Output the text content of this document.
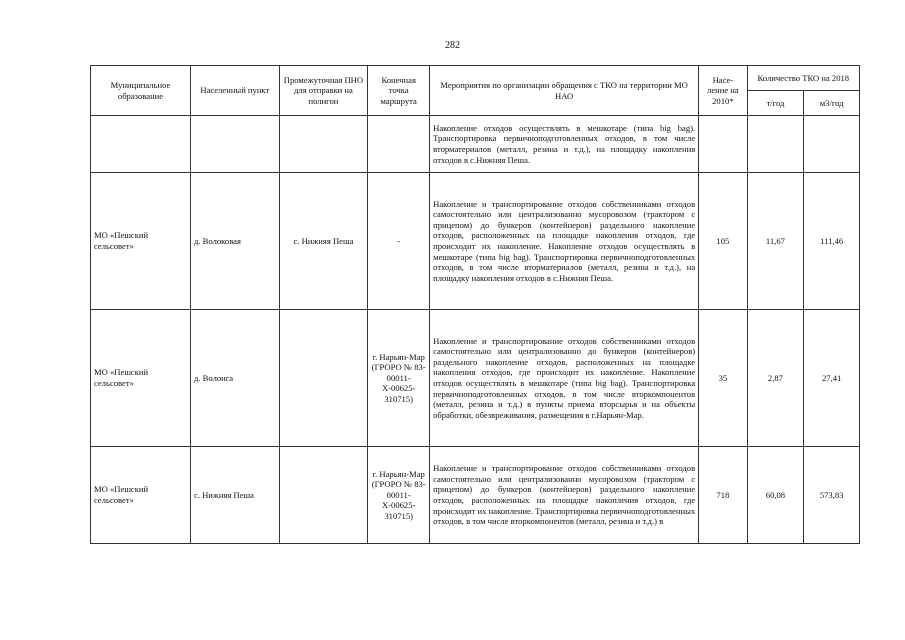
282
Муниципальное образование	Населенный пункт	Промежуточная ПНО для отправки на полигон	Конечная точка маршрута	Мероприятия по организации обращения с ТКО на территории МО НАО	Насе-ление на 2010*	Количество ТКО на 2018	
						т/год	м3/год
				Накопление отходов осуществлять в мешкотаре (типа big bag). Транспортировка первичноподготовленных отходов, в том числе вторматериалов (металл, резина и т.д.), на площадку накопления отходов в с.Нижняя Пеша.			
МО «Пешский сельсовет»	д. Волоковая	с. Нижняя Пеша	-	Накопление и транспортирование отходов собственниками отходов самостоятельно или централизованно мусоровозом (трактором с прицепом) до бункеров (контейнеров) раздельного накопление отходов, расположенных на площадке накопления отходов, где происходит их накопление. Накопление отходов осуществлять в мешкотаре (типа big bag). Транспортировка первичноподготовленных отходов, в том числе вторматериалов (металл, резина и т.д.), на площадку накопления отходов в с.Нижняя Пеша.	105	11,67	111,46
МО «Пешский сельсовет»	д. Волонга		г. Нарьян-Мар (ГРОРО № 83-00011-Х-00625-310715)	Накопление и транспортирование отходов собственниками отходов самостоятельно или централизованно до бункеров (контейнеров) раздельного накопление отходов, расположенных на площадке накопления отходов, где происходит их накопление. Накопление отходов осуществлять в мешкотаре (типа big bag). Транспортировка первичноподготовленных отходов, в том числе вторкомпонентов (металл, резина и т.д.) в пункты приема вторсырья и на объекты обработки, обезвреживания, размещения в г.Нарьян-Мар.	35	2,87	27,41
МО «Пешский сельсовет»	с. Нижняя Пеша		г. Нарьян-Мар (ГРОРО № 83-00011-Х-00625-310715)	Накопление и транспортирование отходов собственниками отходов самостоятельно или централизованно мусоровозом (трактором с прицепом) до бункеров (контейнеров) раздельного накопление отходов, расположенных на площадке накопления отходов, где происходит их накопление. Транспортировка первичноподготовленных отходов, в том числе вторкомпонентов (металл, резина и т.д.) в	718	60,08	573,83
